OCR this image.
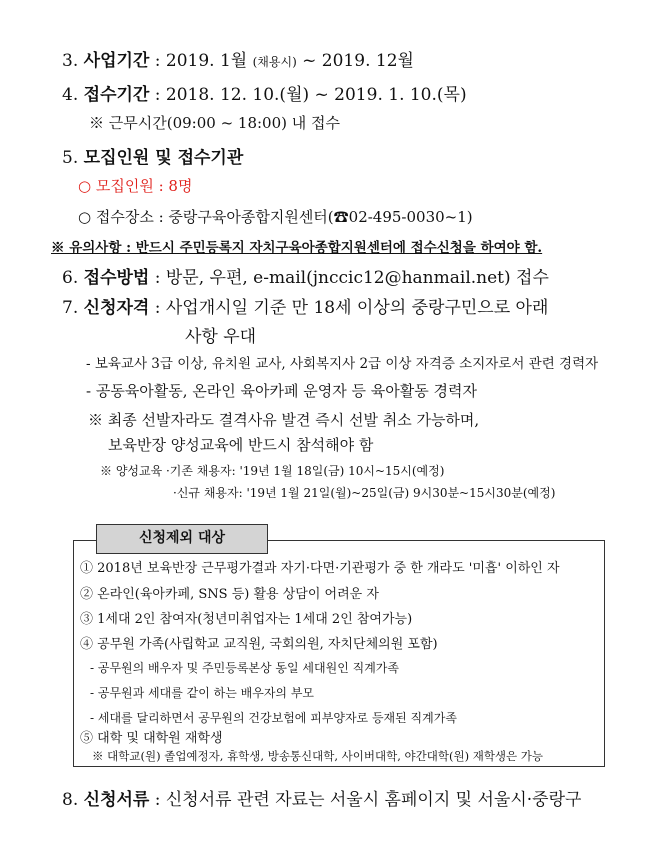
3. 사업기간 : 2019. 1월 (채용시) ~ 2019. 12월
4. 접수기간 : 2018. 12. 10.(월) ~ 2019. 1. 10.(목)
※ 근무시간(09:00 ~ 18:00) 내 접수
5. 모집인원 및 접수기관
○ 모집인원 : 8명
○ 접수장소 : 중랑구육아종합지원센터(☎02-495-0030~1)
※ 유의사항 : 반드시 주민등록지 자치구육아종합지원센터에 접수신청을 하여야 함.
6. 접수방법 : 방문, 우편, e-mail(jnccic12@hanmail.net) 접수
7. 신청자격 : 사업개시일 기준 만 18세 이상의 중랑구민으로 아래
사항 우대
- 보육교사 3급 이상, 유치원 교사, 사회복지사 2급 이상 자격증 소지자로서 관련 경력자
- 공동육아활동, 온라인 육아카페 운영자 등 육아활동 경력자
※ 최종 선발자라도 결격사유 발견 즉시 선발 취소 가능하며,
보육반장 양성교육에 반드시 참석해야 함
※ 양성교육 ·기존 채용자: '19년 1월 18일(금) 10시~15시(예정)
·신규 채용자: '19년 1월 21일(월)~25일(금) 9시30분~15시30분(예정)
① 2018년 보육반장 근무평가결과 자기·다면·기관평가 중 한 개라도 '미흡' 이하인 자
② 온라인(육아카페, SNS 등) 활용 상담이 어려운 자
③ 1세대 2인 참여자(청년미취업자는 1세대 2인 참여가능)
④ 공무원 가족(사립학교 교직원, 국회의원, 자치단체의원 포함)
- 공무원의 배우자 및 주민등록본상 동일 세대원인 직계가족
- 공무원과 세대를 같이 하는 배우자의 부모
- 세대를 달리하면서 공무원의 건강보험에 피부양자로 등재된 직계가족
⑤ 대학 및 대학원 재학생
※ 대학교(원) 졸업예정자, 휴학생, 방송통신대학, 사이버대학, 야간대학(원) 재학생은 가능
신청제외 대상
8. 신청서류 : 신청서류 관련 자료는 서울시 홈페이지 및 서울시·중랑구
